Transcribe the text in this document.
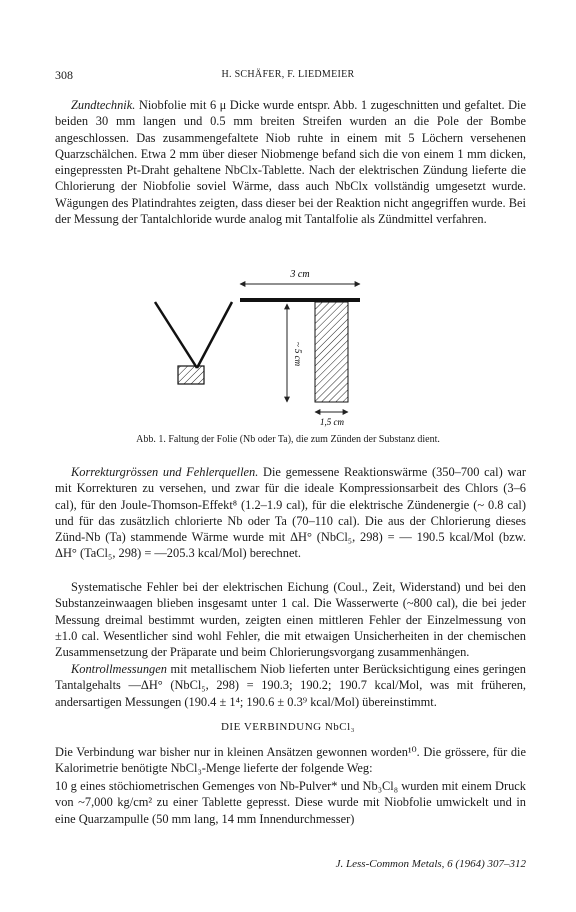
308	H. SCHÄFER, F. LIEDMEIER

Zundtechnik. Niobfolie mit 6 μ Dicke wurde entspr. Abb. 1 zugeschnitten und gefaltet. Die beiden 30 mm langen und 0.5 mm breiten Streifen wurden an die Pole der Bombe angeschlossen. Das zusammengefaltete Niob ruhte in einem mit 5 Löchern versehenen Quarzschälchen. Etwa 2 mm über dieser Niobmenge befand sich die von einem 1 mm dicken, eingepressten Pt-Draht gehaltene NbClx-Tablette. Nach der elektrischen Zündung lieferte die Chlorierung der Niobfolie soviel Wärme, dass auch NbClx vollständig umgesetzt wurde. Wägungen des Platindrahtes zeigten, dass dieser bei der Reaktion nicht angegriffen wurde. Bei der Messung der Tantalchloride wurde analog mit Tantalfolie als Zündmittel verfahren.

3 cm
~ 5 cm
1,5 cm
Abb. 1. Faltung der Folie (Nb oder Ta), die zum Zünden der Substanz dient.

Korrekturgrössen und Fehlerquellen. Die gemessene Reaktionswärme (350–700 cal) war mit Korrekturen zu versehen, und zwar für die ideale Kompressionsarbeit des Chlors (3–6 cal), für den Joule-Thomson-Effekt⁸ (1.2–1.9 cal), für die elektrische Zündenergie (~ 0.8 cal) und für das zusätzlich chlorierte Nb oder Ta (70–110 cal). Die aus der Chlorierung dieses Zünd-Nb (Ta) stammende Wärme wurde mit ΔH° (NbCl₅, 298) = — 190.5 kcal/Mol (bzw. ΔH° (TaCl₅, 298) = —205.3 kcal/Mol) berechnet.

Systematische Fehler bei der elektrischen Eichung (Coul., Zeit, Widerstand) und bei den Substanzeinwaagen blieben insgesamt unter 1 cal. Die Wasserwerte (~800 cal), die bei jeder Messung dreimal bestimmt wurden, zeigten einen mittleren Fehler der Einzelmessung von ±1.0 cal. Wesentlicher sind wohl Fehler, die mit etwaigen Unsicherheiten in der chemischen Zusammensetzung der Präparate und beim Chlorierungsvorgang zusammenhängen.

Kontrollmessungen mit metallischem Niob lieferten unter Berücksichtigung eines geringen Tantalgehalts —ΔH° (NbCl₅, 298) = 190.3; 190.2; 190.7 kcal/Mol, was mit früheren, andersartigen Messungen (190.4 ± 1⁴; 190.6 ± 0.3⁹ kcal/Mol) übereinstimmt.

DIE VERBINDUNG NbCl₃

Die Verbindung war bisher nur in kleinen Ansätzen gewonnen worden¹⁰. Die grössere, für die Kalorimetrie benötigte NbCl₃-Menge lieferte der folgende Weg:

10 g eines stöchiometrischen Gemenges von Nb-Pulver* und Nb₃Cl₈ wurden mit einem Druck von ~7,000 kg/cm² zu einer Tablette gepresst. Diese wurde mit Niobfolie umwickelt und in eine Quarzampulle (50 mm lang, 14 mm Innendurchmesser)

J. Less-Common Metals, 6 (1964) 307–312
